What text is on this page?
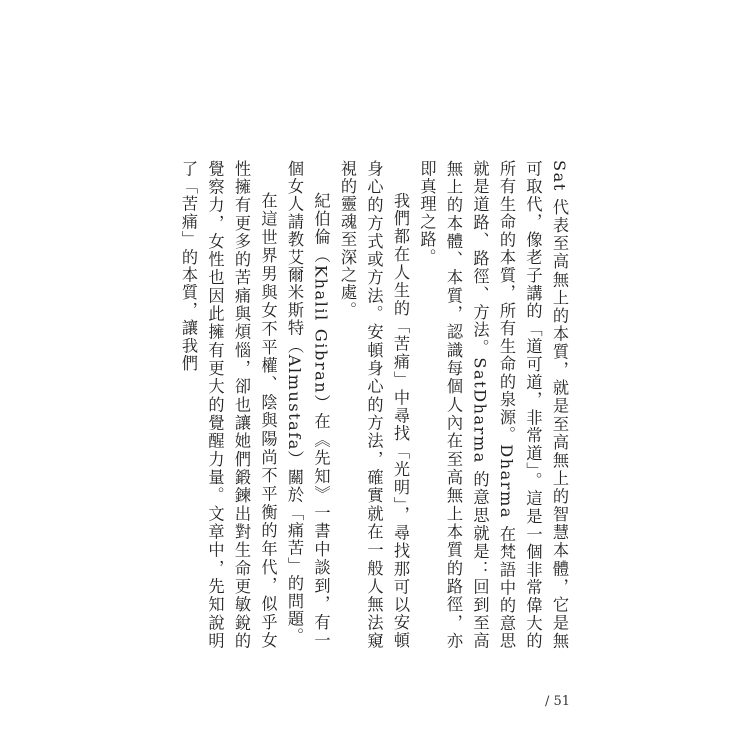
Sat 代表至高無上的本質，就是至高無上的智慧本體，它是無可取代，像老子講的「道可道，非常道」。這是一個非常偉大的所有生命的本質，所有生命的泉源。Dharma 在梵語中的意思就是道路、路徑、方法。SatDharma 的意思就是：回到至高無上的本體、本質，認識每個人內在至高無上本質的路徑，亦即真理之路。

我們都在人生的「苦痛」中尋找「光明」，尋找那可以安頓身心的方式或方法。安頓身心的方法，確實就在一般人無法窺視的靈魂至深之處。

紀伯倫（Khalil Gibran）在《先知》一書中談到，有一個女人請教艾爾米斯特（Almustafa）關於「痛苦」的問題。

在這世界男與女不平權、陰與陽尚不平衡的年代，似乎女性擁有更多的苦痛與煩惱，卻也讓她們鍛鍊出對生命更敏銳的覺察力，女性也因此擁有更大的覺醒力量。文章中，先知說明了「苦痛」的本質，讓我們

/ 51
